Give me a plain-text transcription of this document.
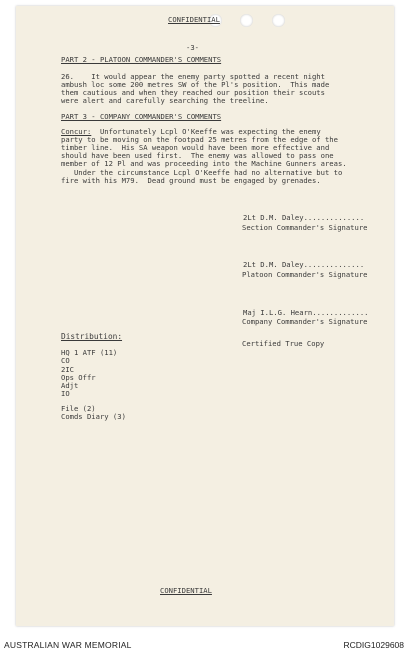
CONFIDENTIAL
-3-
PART 2 - PLATOON COMMANDER'S COMMENTS
26.    It would appear the enemy party spotted a recent night
ambush loc some 200 metres SW of the Pl's position.  This made
them cautious and when they reached our position their scouts
were alert and carefully searching the treeline.
PART 3 - COMPANY COMMANDER'S COMMENTS
Concur:  Unfortunately Lcpl O'Keeffe was expecting the enemy
party to be moving on the footpad 25 metres from the edge of the
timber line.  His SA weapon would have been more effective and
should have been used first.  The enemy was allowed to pass one
member of 12 Pl and was proceeding into the Machine Gunners areas.
Under the circumstance Lcpl O'Keeffe had no alternative but to
fire with his M79.  Dead ground must be engaged by grenades.
2Lt D.M. Daley..............
Section Commander's Signature
2Lt D.M. Daley..............
Platoon Commander's Signature
Maj I.L.G. Hearn.............
Company Commander's Signature
Certified True Copy
Distribution:
HQ 1 ATF (11)
CO
2IC
Ops Offr
Adjt
IO
File (2)
Comds Diary (3)
CONFIDENTIAL
AUSTRALIAN WAR MEMORIAL	RCDIG1029608
